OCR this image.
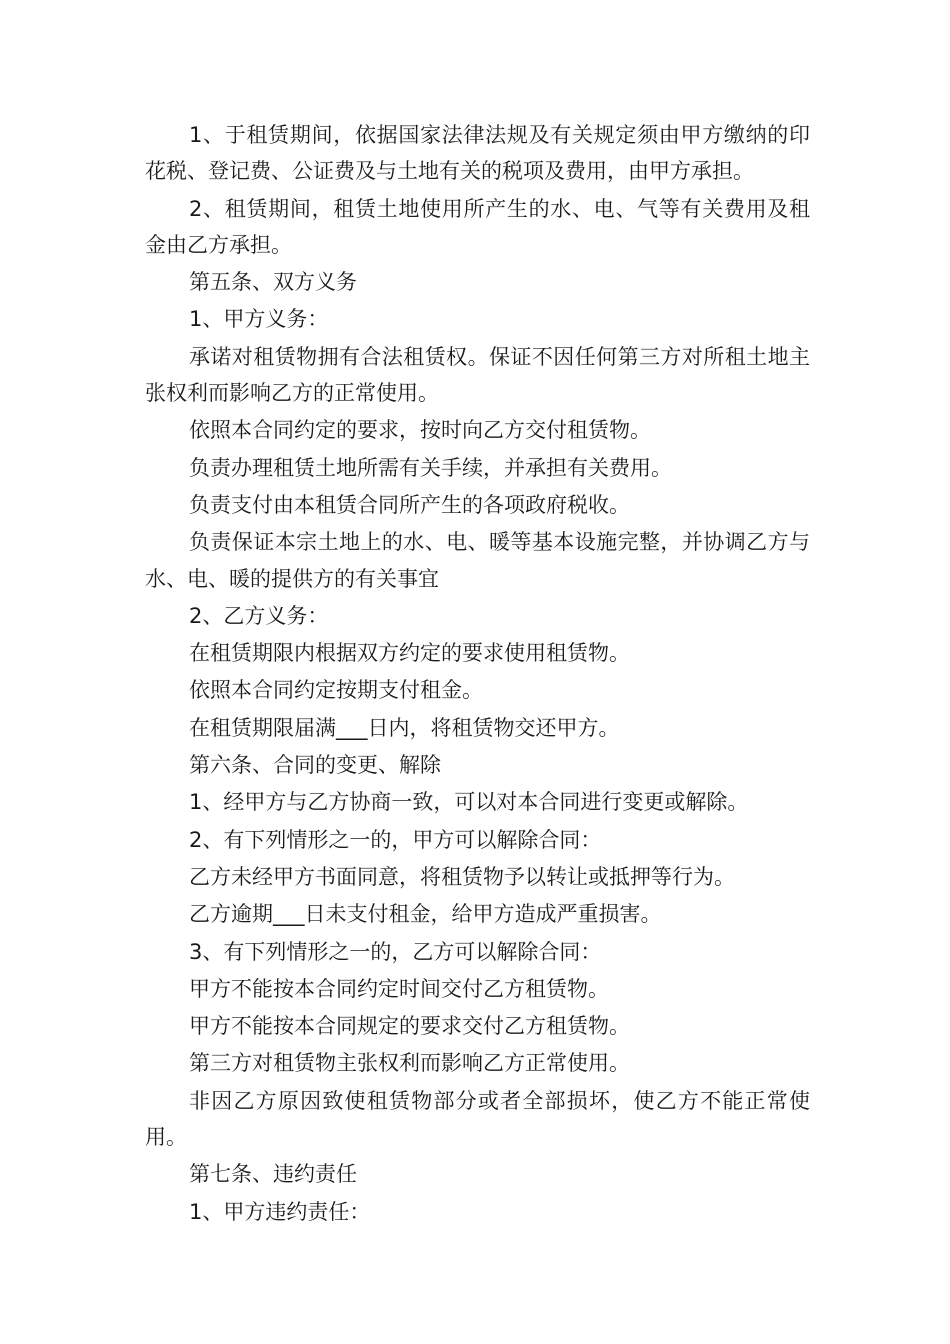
1、于租赁期间，依据国家法律法规及有关规定须由甲方缴纳的印花税、登记费、公证费及与土地有关的税项及费用，由甲方承担。

2、租赁期间，租赁土地使用所产生的水、电、气等有关费用及租金由乙方承担。

第五条、双方义务

1、甲方义务：

承诺对租赁物拥有合法租赁权。保证不因任何第三方对所租土地主张权利而影响乙方的正常使用。

依照本合同约定的要求，按时向乙方交付租赁物。

负责办理租赁土地所需有关手续，并承担有关费用。

负责支付由本租赁合同所产生的各项政府税收。

负责保证本宗土地上的水、电、暖等基本设施完整，并协调乙方与水、电、暖的提供方的有关事宜

2、乙方义务：

在租赁期限内根据双方约定的要求使用租赁物。

依照本合同约定按期支付租金。

在租赁期限届满___日内，将租赁物交还甲方。

第六条、合同的变更、解除

1、经甲方与乙方协商一致，可以对本合同进行变更或解除。

2、有下列情形之一的，甲方可以解除合同：

乙方未经甲方书面同意，将租赁物予以转让或抵押等行为。

乙方逾期___日未支付租金，给甲方造成严重损害。

3、有下列情形之一的，乙方可以解除合同：

甲方不能按本合同约定时间交付乙方租赁物。

甲方不能按本合同规定的要求交付乙方租赁物。

第三方对租赁物主张权利而影响乙方正常使用。

非因乙方原因致使租赁物部分或者全部损坏，使乙方不能正常使用。

第七条、违约责任

1、甲方违约责任：
